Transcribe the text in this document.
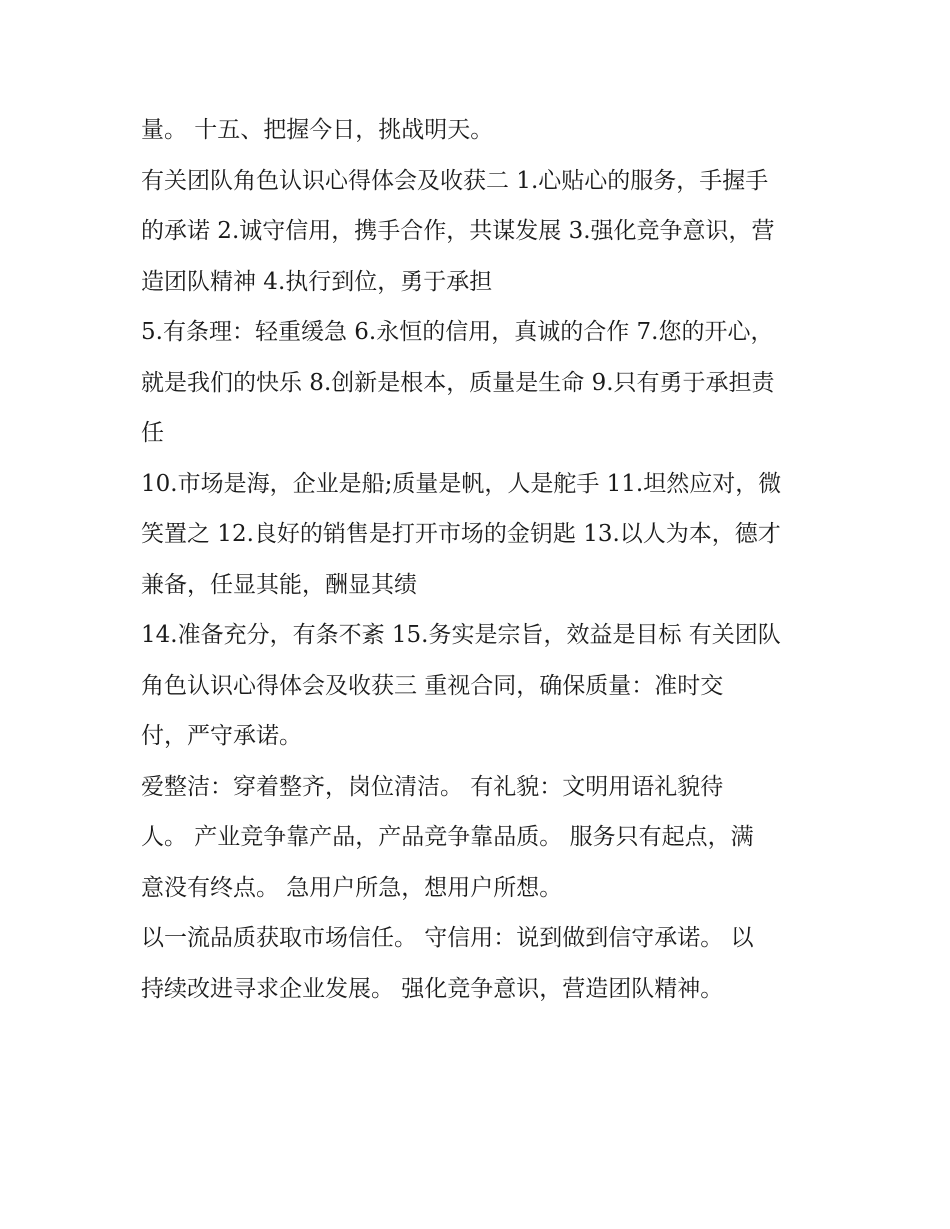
量。 十五、把握今日，挑战明天。
有关团队角色认识心得体会及收获二 1.心贴心的服务，手握手
的承诺 2.诚守信用，携手合作，共谋发展 3.强化竞争意识，营
造团队精神 4.执行到位，勇于承担
5.有条理：轻重缓急 6.永恒的信用，真诚的合作 7.您的开心，
就是我们的快乐 8.创新是根本，质量是生命 9.只有勇于承担责
任
10.市场是海，企业是船;质量是帆，人是舵手 11.坦然应对，微
笑置之 12.良好的销售是打开市场的金钥匙 13.以人为本，德才
兼备，任显其能，酬显其绩
14.准备充分，有条不紊 15.务实是宗旨，效益是目标 有关团队
角色认识心得体会及收获三 重视合同，确保质量：准时交
付，严守承诺。
爱整洁：穿着整齐，岗位清洁。 有礼貌：文明用语礼貌待
人。 产业竞争靠产品，产品竞争靠品质。 服务只有起点，满
意没有终点。 急用户所急，想用户所想。
以一流品质获取市场信任。 守信用：说到做到信守承诺。 以
持续改进寻求企业发展。 强化竞争意识，营造团队精神。
